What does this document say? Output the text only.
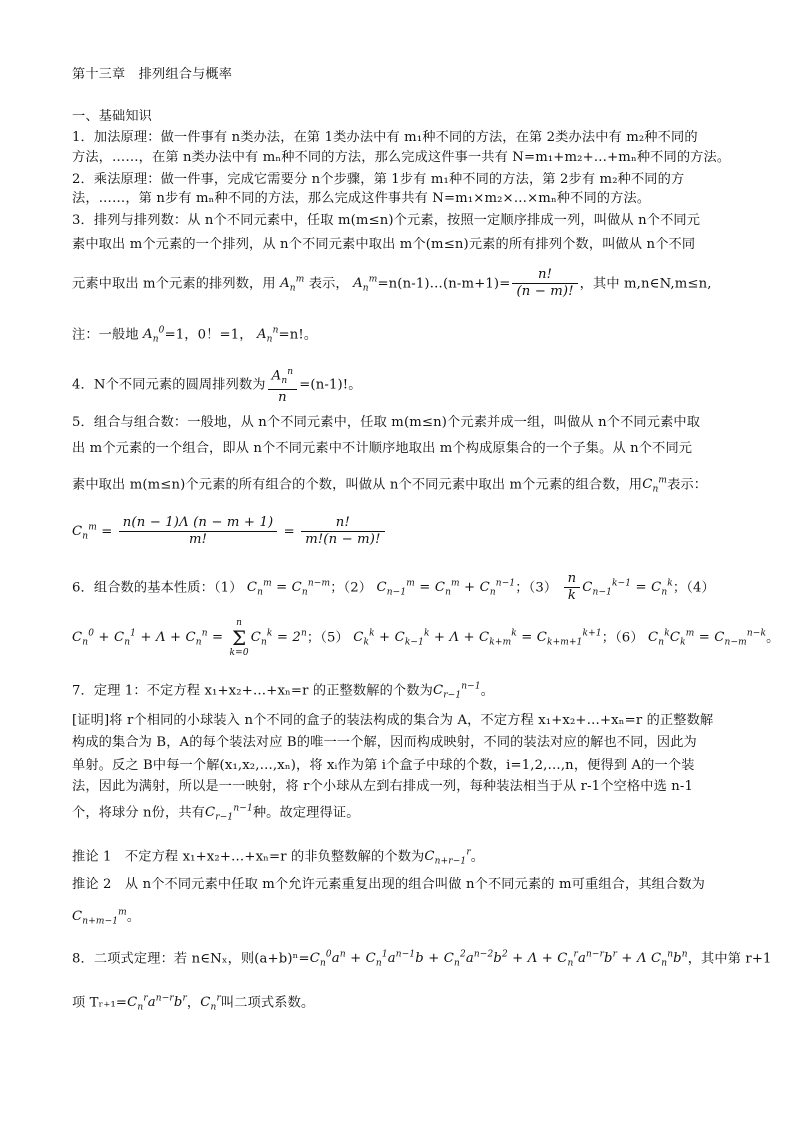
第十三章　排列组合与概率
一、基础知识
1．加法原理：做一件事有 n类办法，在第 1类办法中有 m₁种不同的方法，在第 2类办法中有 m₂种不同的
方法，……，在第 n类办法中有 mₙ种不同的方法，那么完成这件事一共有 N=m₁+m₂+…+mₙ种不同的方法。
2．乘法原理：做一件事，完成它需要分 n个步骤，第 1步有 m₁种不同的方法，第 2步有 m₂种不同的方
法，……，第 n步有 mₙ种不同的方法，那么完成这件事共有 N=m₁×m₂×…×mₙ种不同的方法。
3．排列与排列数：从 n个不同元素中，任取 m(m≤n)个元素，按照一定顺序排成一列，叫做从 n个不同元
素中取出 m个元素的一个排列，从 n个不同元素中取出 m个(m≤n)元素的所有排列个数，叫做从 n个不同
元素中取出 m个元素的排列数，用 $A_n^m$ 表示， $A_n^m=n(n-1)\dots(n-m+1)= \frac{n!}{(n - m)!}$ ，其中 m,n∈N,m≤n,
注：一般地 $A_n^0=1$，0！=1， $A_n^n=n$!。
4．N个不同元素的圆周排列数为 $\frac{A_n^n}{n} =(n-1)$!。
5．组合与组合数：一般地，从 n个不同元素中，任取 m(m≤n)个元素并成一组，叫做从 n个不同元素中取
出 m个元素的一个组合，即从 n个不同元素中不计顺序地取出 m个构成原集合的一个子集。从 n个不同元
素中取出 m(m≤n)个元素的所有组合的个数，叫做从 n个不同元素中取出 m个元素的组合数，用$C_n^m$表示：
$C_n^m = \frac{n(n - 1)\Lambda (n - m + 1)}{m!} = \frac{n!}{m!(n - m)!}$
6．组合数的基本性质：（1） $C_n^m = C_n^{n-m}$；（2） $C_{n-1}^m = C_n^m + C_n^{n-1}$；$(3) \frac{n}{k} C_{n-1}^{k-1} = C_n^k$；（4）
$C_n^0 + C_n^1 + \Lambda + C_n^n$ =
n
Σ
k=0
$C_n^k = 2^n$；（5） $C_k^k + C_{k-1}^k + \Lambda + C_{k+m}^k = C_{k+m+1}^{k+1}$；（6） $C_n^kC_k^m = C_{n-m}^{n-k}$。
7．定理 1：不定方程 x₁+x₂+…+xₙ=r 的正整数解的个数为$C_{r-1}^{n-1}$。
[证明]将 r个相同的小球装入 n个不同的盒子的装法构成的集合为 A，不定方程 x₁+x₂+…+xₙ=r 的正整数解
构成的集合为 B，A的每个装法对应 B的唯一一个解，因而构成映射，不同的装法对应的解也不同，因此为
单射。反之 B中每一个解(x₁,x₂,…,xₙ)，将 xᵢ作为第 i个盒子中球的个数，i=1,2,…,n，便得到 A的一个装
法，因此为满射，所以是一一映射，将 r个小球从左到右排成一列，每种装法相当于从 r-1个空格中选 n-1
个，将球分 n份，共有$C_{r-1}^{n-1}$种。故定理得证。
推论 1　不定方程 x₁+x₂+…+xₙ=r 的非负整数解的个数为$C_{n+r-1}^r$。
推论 2　从 n个不同元素中任取 m个允许元素重复出现的组合叫做 n个不同元素的 m可重组合，其组合数为
$C_{n+m-1}^m$。
8．二项式定理：若 n∈Nₓ，则$(a+b)^n=C_n^0a^n + C_n^1a^{n-1}b + C_n^2a^{n-2}b^2 + \Lambda + C_n^ra^{n-r}b^r + \Lambda$ $C_n^nb^n$，其中第 r+1
项 $Tᵣ_{+1}=C_n^ra^{n-r}b^r$，$C_n^r$叫二项式系数。
